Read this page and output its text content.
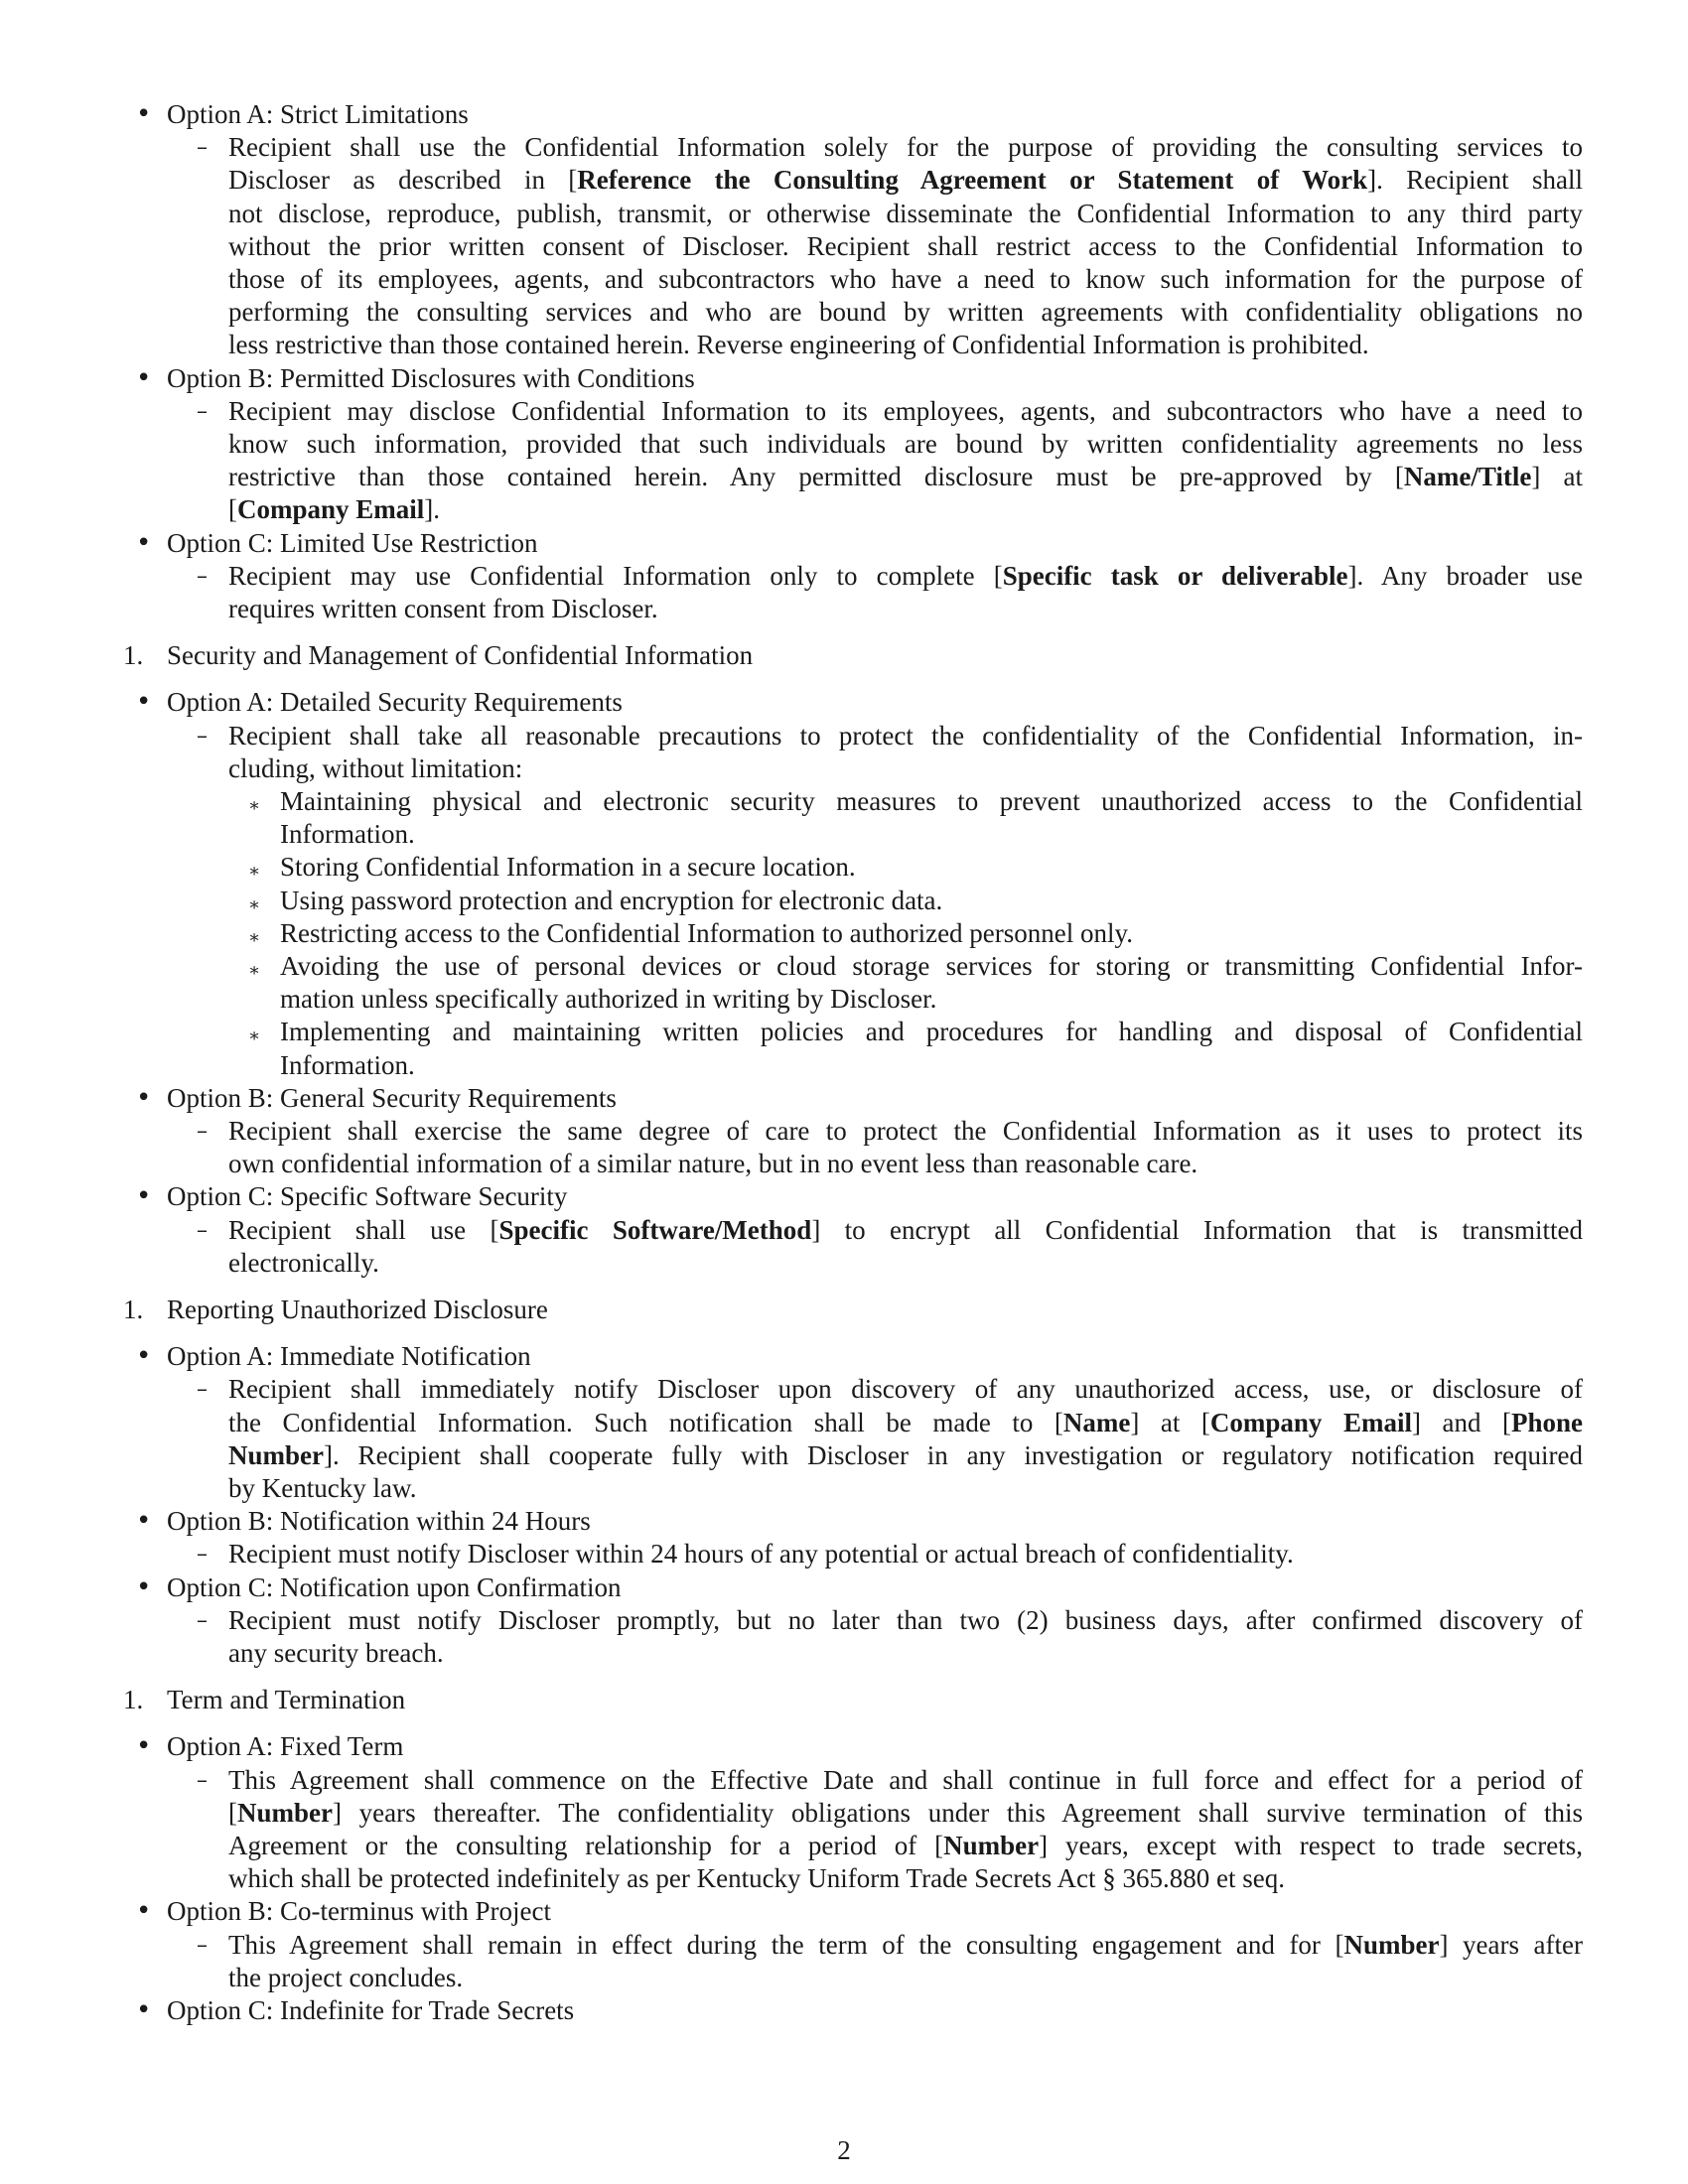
• Option A: Strict Limitations
– Recipient shall use the Confidential Information solely for the purpose of providing the consulting services to
Discloser as described in [Reference the Consulting Agreement or Statement of Work]. Recipient shall
not disclose, reproduce, publish, transmit, or otherwise disseminate the Confidential Information to any third party
without the prior written consent of Discloser. Recipient shall restrict access to the Confidential Information to
those of its employees, agents, and subcontractors who have a need to know such information for the purpose of
performing the consulting services and who are bound by written agreements with confidentiality obligations no
less restrictive than those contained herein. Reverse engineering of Confidential Information is prohibited.
• Option B: Permitted Disclosures with Conditions
– Recipient may disclose Confidential Information to its employees, agents, and subcontractors who have a need to
know such information, provided that such individuals are bound by written confidentiality agreements no less
restrictive than those contained herein. Any permitted disclosure must be pre-approved by [Name/Title] at
[Company Email].
• Option C: Limited Use Restriction
– Recipient may use Confidential Information only to complete [Specific task or deliverable]. Any broader use
requires written consent from Discloser.
1. Security and Management of Confidential Information
• Option A: Detailed Security Requirements
– Recipient shall take all reasonable precautions to protect the confidentiality of the Confidential Information, in-
cluding, without limitation:
∗ Maintaining physical and electronic security measures to prevent unauthorized access to the Confidential
Information.
∗ Storing Confidential Information in a secure location.
∗ Using password protection and encryption for electronic data.
∗ Restricting access to the Confidential Information to authorized personnel only.
∗ Avoiding the use of personal devices or cloud storage services for storing or transmitting Confidential Infor-
mation unless specifically authorized in writing by Discloser.
∗ Implementing and maintaining written policies and procedures for handling and disposal of Confidential
Information.
• Option B: General Security Requirements
– Recipient shall exercise the same degree of care to protect the Confidential Information as it uses to protect its
own confidential information of a similar nature, but in no event less than reasonable care.
• Option C: Specific Software Security
– Recipient shall use [Specific Software/Method] to encrypt all Confidential Information that is transmitted
electronically.
1. Reporting Unauthorized Disclosure
• Option A: Immediate Notification
– Recipient shall immediately notify Discloser upon discovery of any unauthorized access, use, or disclosure of
the Confidential Information. Such notification shall be made to [Name] at [Company Email] and [Phone
Number]. Recipient shall cooperate fully with Discloser in any investigation or regulatory notification required
by Kentucky law.
• Option B: Notification within 24 Hours
– Recipient must notify Discloser within 24 hours of any potential or actual breach of confidentiality.
• Option C: Notification upon Confirmation
– Recipient must notify Discloser promptly, but no later than two (2) business days, after confirmed discovery of
any security breach.
1. Term and Termination
• Option A: Fixed Term
– This Agreement shall commence on the Effective Date and shall continue in full force and effect for a period of
[Number] years thereafter. The confidentiality obligations under this Agreement shall survive termination of this
Agreement or the consulting relationship for a period of [Number] years, except with respect to trade secrets,
which shall be protected indefinitely as per Kentucky Uniform Trade Secrets Act § 365.880 et seq.
• Option B: Co-terminus with Project
– This Agreement shall remain in effect during the term of the consulting engagement and for [Number] years after
the project concludes.
• Option C: Indefinite for Trade Secrets
2
